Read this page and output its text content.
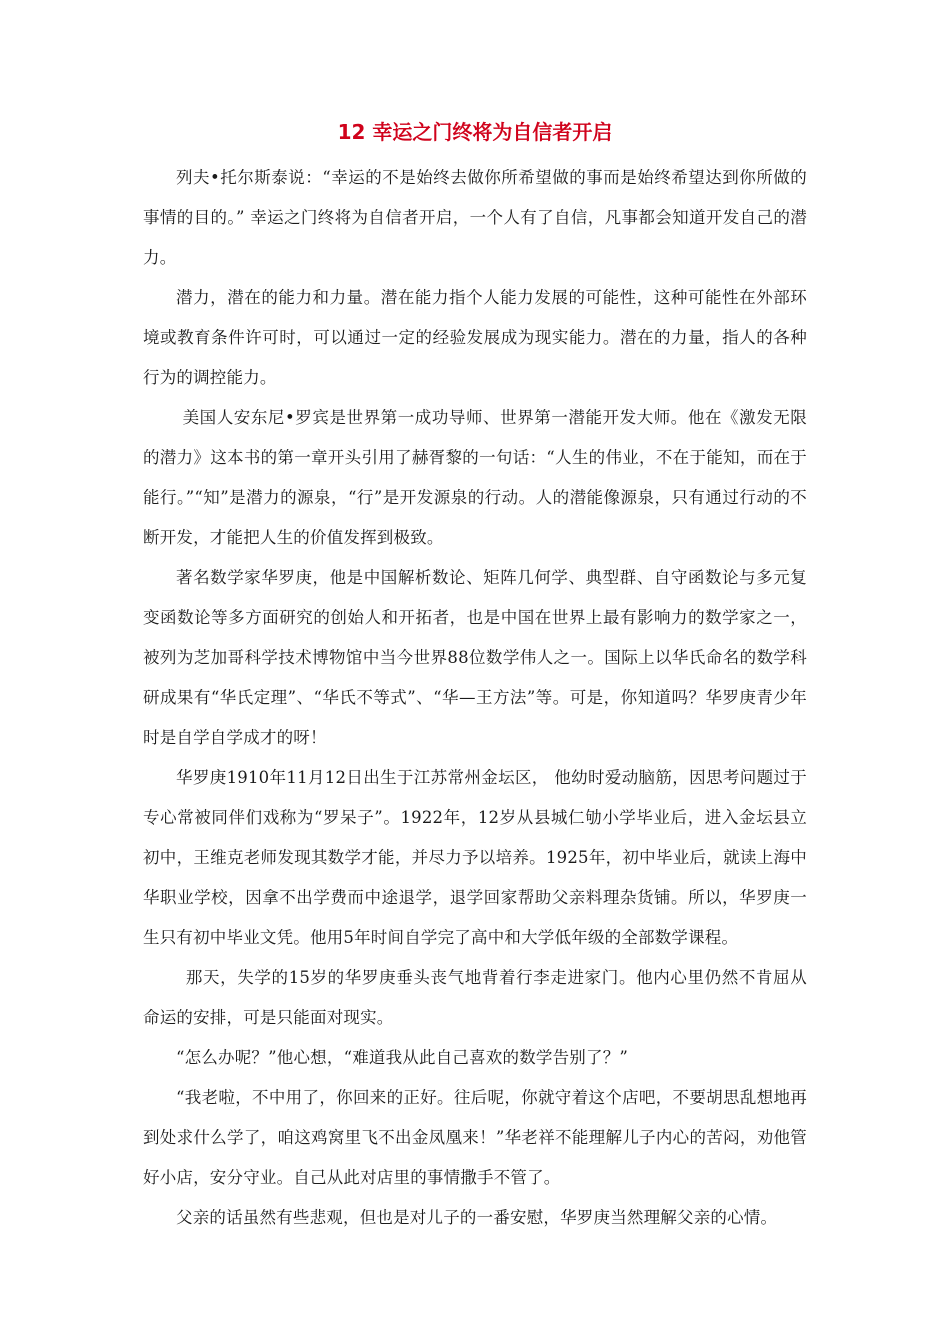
12 幸运之门终将为自信者开启

列夫•托尔斯泰说：“幸运的不是始终去做你所希望做的事而是始终希望达到你所做的事情的目的。” 幸运之门终将为自信者开启，一个人有了自信，凡事都会知道开发自己的潜力。

潜力，潜在的能力和力量。潜在能力指个人能力发展的可能性，这种可能性在外部环境或教育条件许可时，可以通过一定的经验发展成为现实能力。潜在的力量，指人的各种行为的调控能力。

美国人安东尼•罗宾是世界第一成功导师、世界第一潜能开发大师。他在《激发无限的潜力》这本书的第一章开头引用了赫胥黎的一句话：“人生的伟业，不在于能知，而在于能行。”“知”是潜力的源泉，“行”是开发源泉的行动。人的潜能像源泉，只有通过行动的不断开发，才能把人生的价值发挥到极致。

著名数学家华罗庚，他是中国解析数论、矩阵几何学、典型群、自守函数论与多元复变函数论等多方面研究的创始人和开拓者，也是中国在世界上最有影响力的数学家之一，被列为芝加哥科学技术博物馆中当今世界88位数学伟人之一。国际上以华氏命名的数学科研成果有“华氏定理”、“华氏不等式”、“华—王方法”等。可是，你知道吗？华罗庚青少年时是自学自学成才的呀！

华罗庚1910年11月12日出生于江苏常州金坛区， 他幼时爱动脑筋，因思考问题过于专心常被同伴们戏称为“罗呆子”。1922年，12岁从县城仁劬小学毕业后，进入金坛县立初中，王维克老师发现其数学才能，并尽力予以培养。1925年，初中毕业后，就读上海中华职业学校，因拿不出学费而中途退学，退学回家帮助父亲料理杂货铺。所以，华罗庚一生只有初中毕业文凭。他用5年时间自学完了高中和大学低年级的全部数学课程。

那天，失学的15岁的华罗庚垂头丧气地背着行李走进家门。他内心里仍然不肯屈从命运的安排，可是只能面对现实。

“怎么办呢？”他心想，“难道我从此自己喜欢的数学告别了？”

“我老啦，不中用了，你回来的正好。往后呢，你就守着这个店吧，不要胡思乱想地再到处求什么学了，咱这鸡窝里飞不出金凤凰来！”华老祥不能理解儿子内心的苦闷，劝他管好小店，安分守业。自己从此对店里的事情撒手不管了。

父亲的话虽然有些悲观，但也是对儿子的一番安慰，华罗庚当然理解父亲的心情。
